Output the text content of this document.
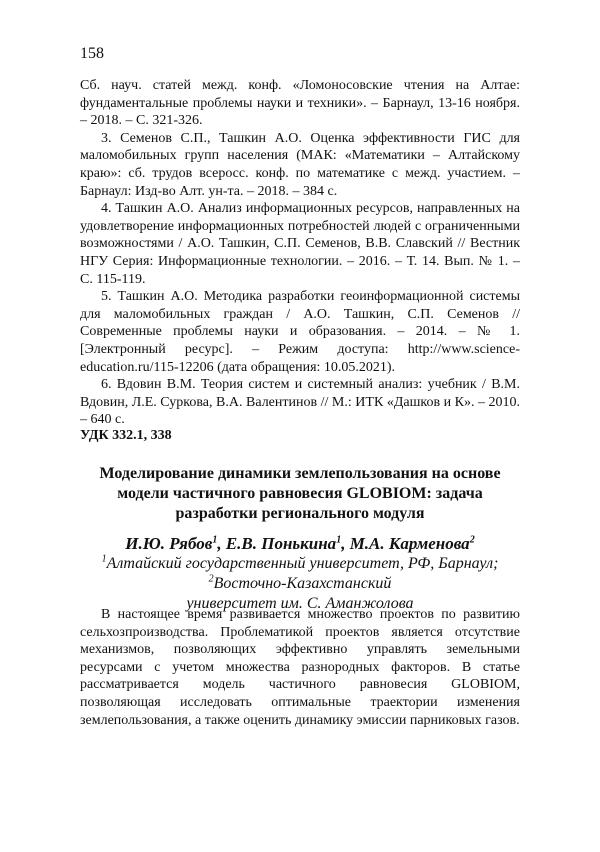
158

Сб. науч. статей межд. конф. «Ломоносовские чтения на Алтае: фундаментальные проблемы науки и техники». – Барнаул, 13-16 ноября. – 2018. – С. 321-326.

3. Семенов С.П., Ташкин А.О. Оценка эффективности ГИС для маломобильных групп населения (МАК: «Математики – Алтайскому краю»: сб. трудов всеросс. конф. по математике с межд. участием. – Барнаул: Изд-во Алт. ун-та. – 2018. – 384 с.

4. Ташкин А.О. Анализ информационных ресурсов, направленных на удовлетворение информационных потребностей людей с ограниченными возможностями / А.О. Ташкин, С.П. Семенов, В.В. Славский // Вестник НГУ Серия: Информационные технологии. – 2016. – Т. 14. Вып. № 1. – С. 115-119.

5. Ташкин А.О. Методика разработки геоинформационной системы для маломобильных граждан / А.О. Ташкин, С.П. Семенов // Современные проблемы науки и образования. – 2014. – № 1. [Электронный ресурс]. – Режим доступа: http://www.science-education.ru/115-12206 (дата обращения: 10.05.2021).

6. Вдовин В.М. Теория систем и системный анализ: учебник / В.М. Вдовин, Л.Е. Суркова, В.А. Валентинов // М.: ИТК «Дашков и К». – 2010. – 640 с.

УДК 332.1, 338
Моделирование динамики землепользования на основе модели частичного равновесия GLOBIOM: задача разработки регионального модуля
И.Ю. Рябов$^1$, Е.В. Понькина$^1$, М.А. Карменова$^2$
$^1$Алтайский государственный университет, РФ, Барнаул;
$^2$Восточно-Казахстанский университет им. С. Аманжолова

В настоящее время развивается множество проектов по развитию сельхозпроизводства. Проблематикой проектов является отсутствие механизмов, позволяющих эффективно управлять земельными ресурсами с учетом множества разнородных факторов. В статье рассматривается модель частичного равновесия GLOBIOM, позволяющая исследовать оптимальные траектории изменения землепользования, а также оценить динамику эмиссии парниковых газов.
